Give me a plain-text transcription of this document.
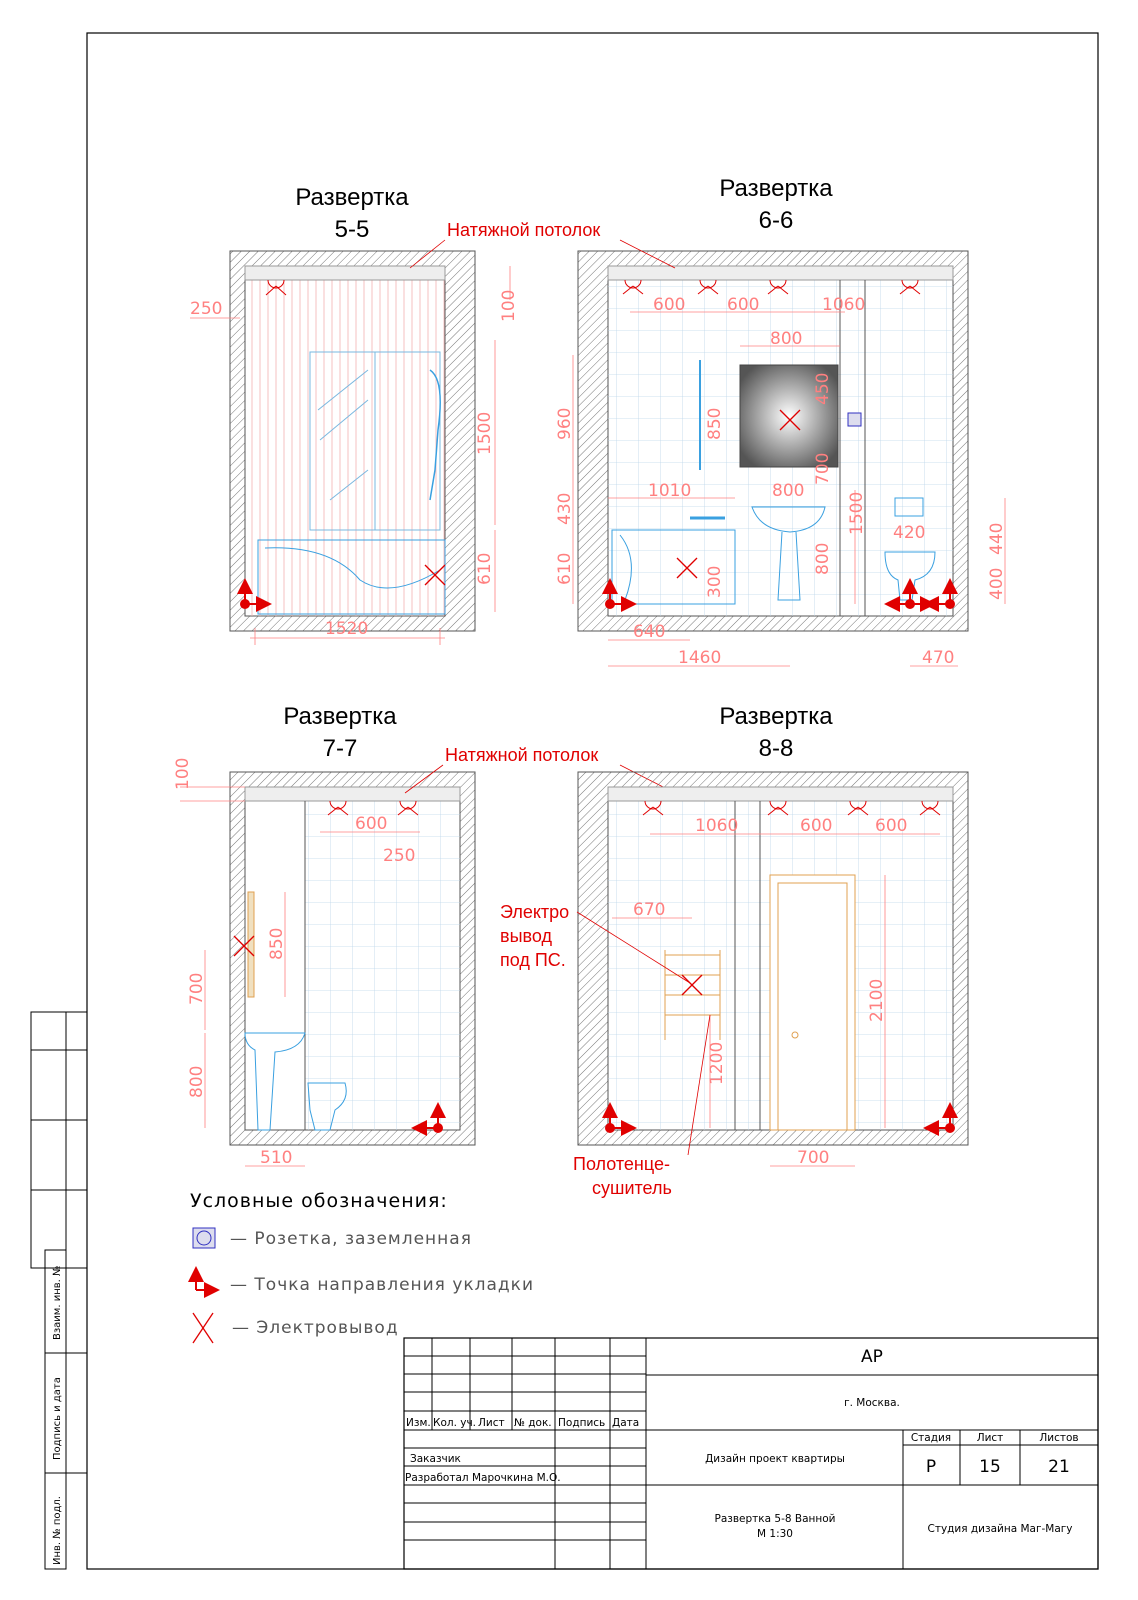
Взаим. инв. №
Подпись и дата
Инв. № подл.
Развертка
5-5
250	100
1500
610
1520
Развертка
6-6
600 600	1060
800
960	850
450
700
1010	800
430
610
1500 420	440
400
800
300
640
1460	470
Натяжной потолок
Развертка
7-7
100
600
250
850
700
800
510
Натяжной потолок
Развертка
8-8
1060	600	600
670
2100
1200
700
Электро
вывод
под ПС.
Полотенце-
сушитель
Условные обозначения:
— Розетка, заземленная
— Точка направления укладки
— Электровывод
Изм. Кол. уч. Лист № док. Подпись Дата
Заказчик
Разработал Марочкина М.О.
АР
г. Москва.
Дизайн проект квартиры
Стадия Лист	Листов
Р	15	21
Развертка 5-8 Ванной
М 1:30	Студия дизайна Маг-Магу
